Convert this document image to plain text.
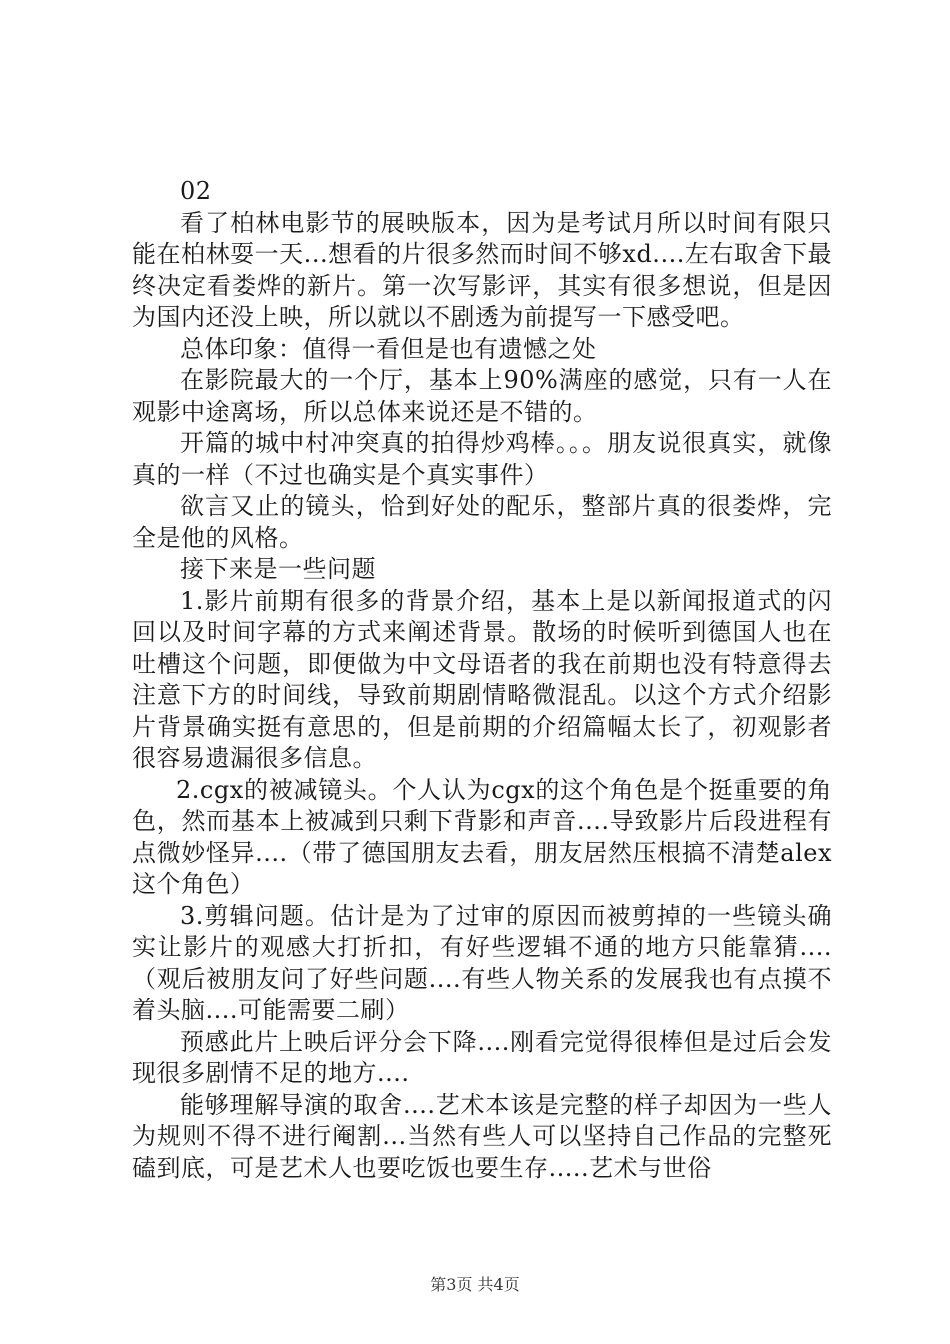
02

看了柏林电影节的展映版本，因为是考试月所以时间有限只能在柏林耍一天...想看的片很多然而时间不够xd....左右取舍下最终决定看娄烨的新片。第一次写影评，其实有很多想说，但是因为国内还没上映，所以就以不剧透为前提写一下感受吧。

总体印象：值得一看但是也有遗憾之处

在影院最大的一个厅，基本上90%满座的感觉，只有一人在观影中途离场，所以总体来说还是不错的。

开篇的城中村冲突真的拍得炒鸡棒。。。朋友说很真实，就像真的一样（不过也确实是个真实事件）

欲言又止的镜头，恰到好处的配乐，整部片真的很娄烨，完全是他的风格。

接下来是一些问题

1.影片前期有很多的背景介绍，基本上是以新闻报道式的闪回以及时间字幕的方式来阐述背景。散场的时候听到德国人也在吐槽这个问题，即便做为中文母语者的我在前期也没有特意得去注意下方的时间线，导致前期剧情略微混乱。以这个方式介绍影片背景确实挺有意思的，但是前期的介绍篇幅太长了，初观影者很容易遗漏很多信息。

2.cgx的被减镜头。个人认为cgx的这个角色是个挺重要的角色，然而基本上被减到只剩下背影和声音....导致影片后段进程有点微妙怪异....（带了德国朋友去看，朋友居然压根搞不清楚alex这个角色）

3.剪辑问题。估计是为了过审的原因而被剪掉的一些镜头确实让影片的观感大打折扣，有好些逻辑不通的地方只能靠猜....（观后被朋友问了好些问题....有些人物关系的发展我也有点摸不着头脑....可能需要二刷）

预感此片上映后评分会下降....刚看完觉得很棒但是过后会发现很多剧情不足的地方....

能够理解导演的取舍....艺术本该是完整的样子却因为一些人为规则不得不进行阉割...当然有些人可以坚持自己作品的完整死磕到底，可是艺术人也要吃饭也要生存.....艺术与世俗

第3页 共4页
